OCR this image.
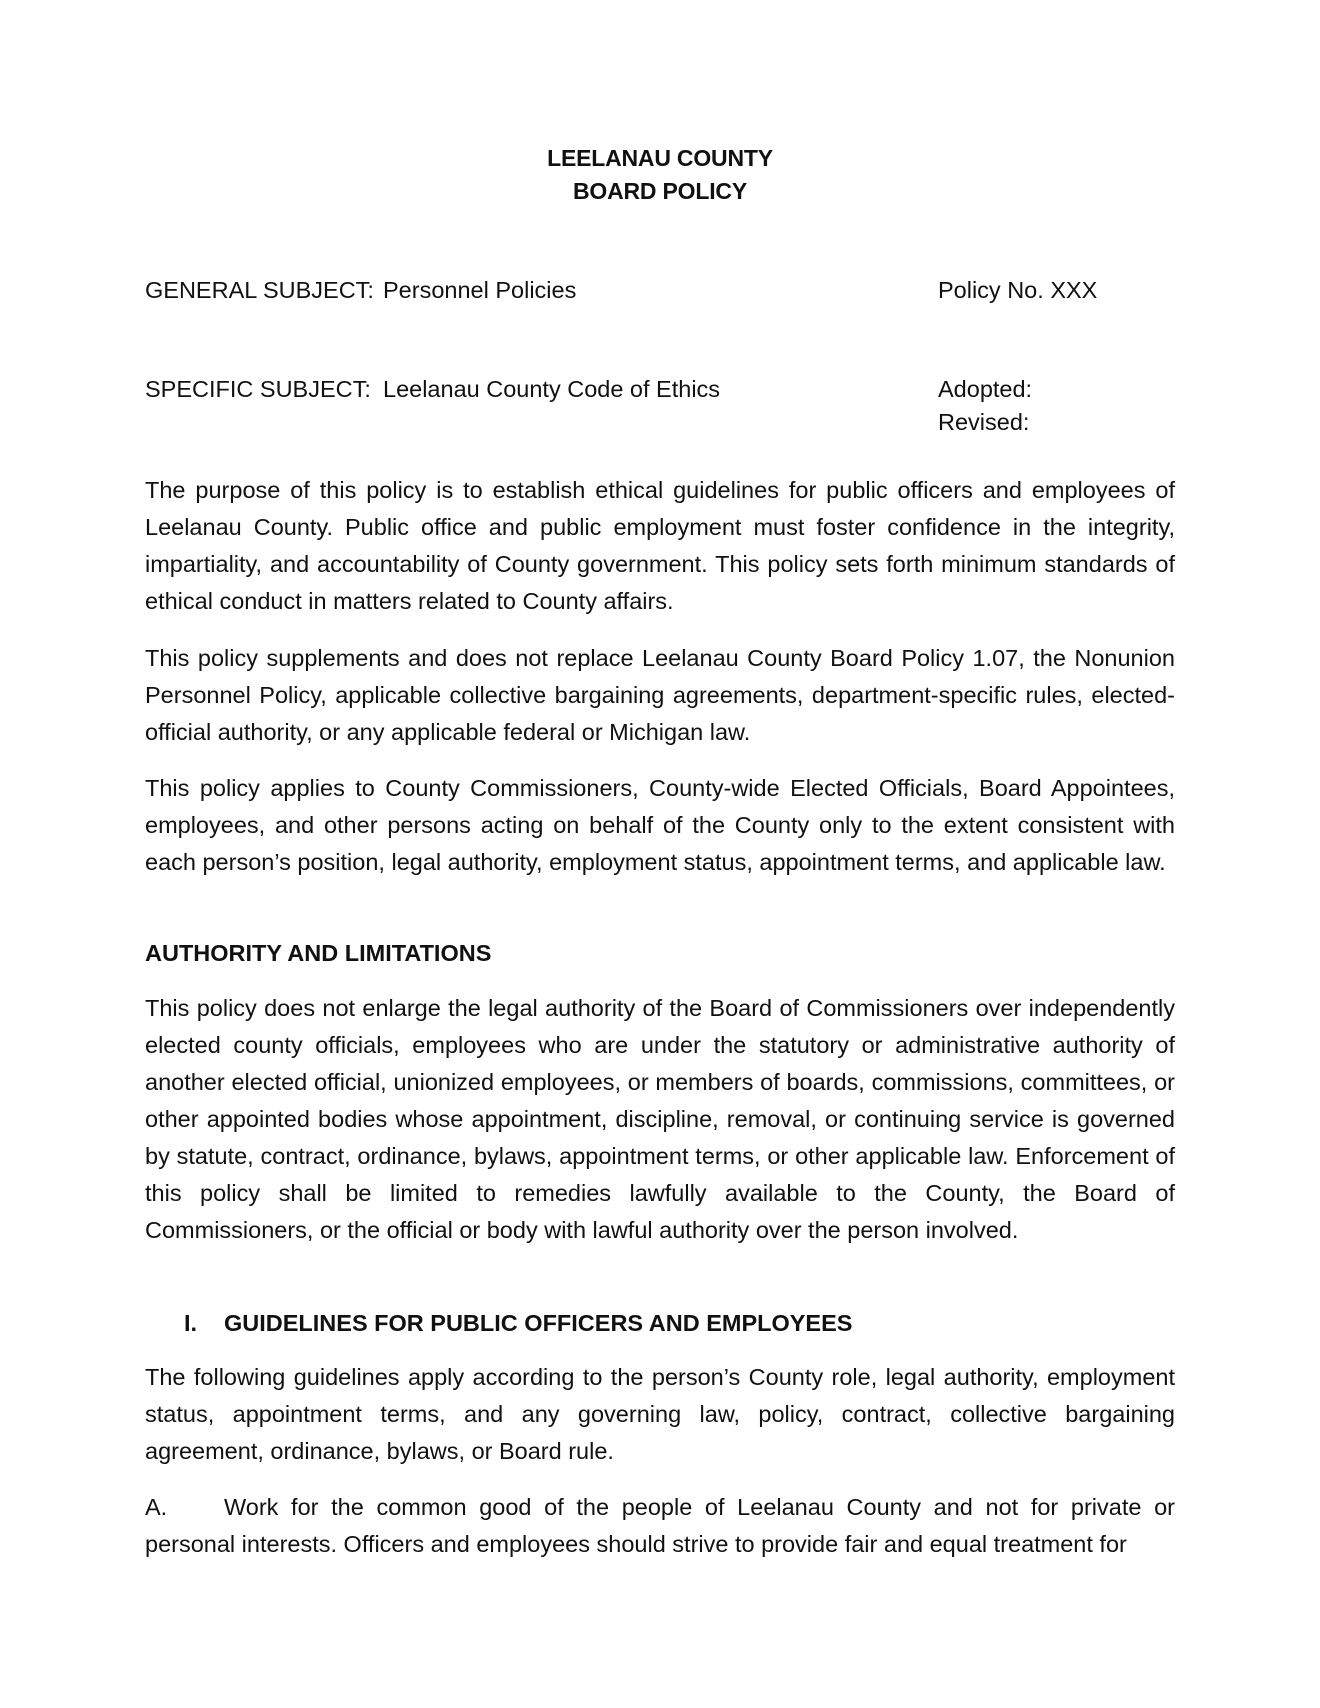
LEELANAU COUNTY
BOARD POLICY
GENERAL SUBJECT: Personnel Policies	Policy No. XXX
SPECIFIC SUBJECT: Leelanau County Code of Ethics	Adopted:
Revised:

The purpose of this policy is to establish ethical guidelines for public officers and employees of Leelanau County. Public office and public employment must foster confidence in the integrity, impartiality, and accountability of County government. This policy sets forth minimum standards of ethical conduct in matters related to County affairs.

This policy supplements and does not replace Leelanau County Board Policy 1.07, the Nonunion Personnel Policy, applicable collective bargaining agreements, department-specific rules, elected-official authority, or any applicable federal or Michigan law.

This policy applies to County Commissioners, County-wide Elected Officials, Board Appointees, employees, and other persons acting on behalf of the County only to the extent consistent with each person’s position, legal authority, employment status, appointment terms, and applicable law.

AUTHORITY AND LIMITATIONS

This policy does not enlarge the legal authority of the Board of Commissioners over independently elected county officials, employees who are under the statutory or administrative authority of another elected official, unionized employees, or members of boards, commissions, committees, or other appointed bodies whose appointment, discipline, removal, or continuing service is governed by statute, contract, ordinance, bylaws, appointment terms, or other applicable law. Enforcement of this policy shall be limited to remedies lawfully available to the County, the Board of Commissioners, or the official or body with lawful authority over the person involved.

I. GUIDELINES FOR PUBLIC OFFICERS AND EMPLOYEES

The following guidelines apply according to the person’s County role, legal authority, employment status, appointment terms, and any governing law, policy, contract, collective bargaining agreement, ordinance, bylaws, or Board rule.

A. Work for the common good of the people of Leelanau County and not for private or personal interests. Officers and employees should strive to provide fair and equal treatment for
